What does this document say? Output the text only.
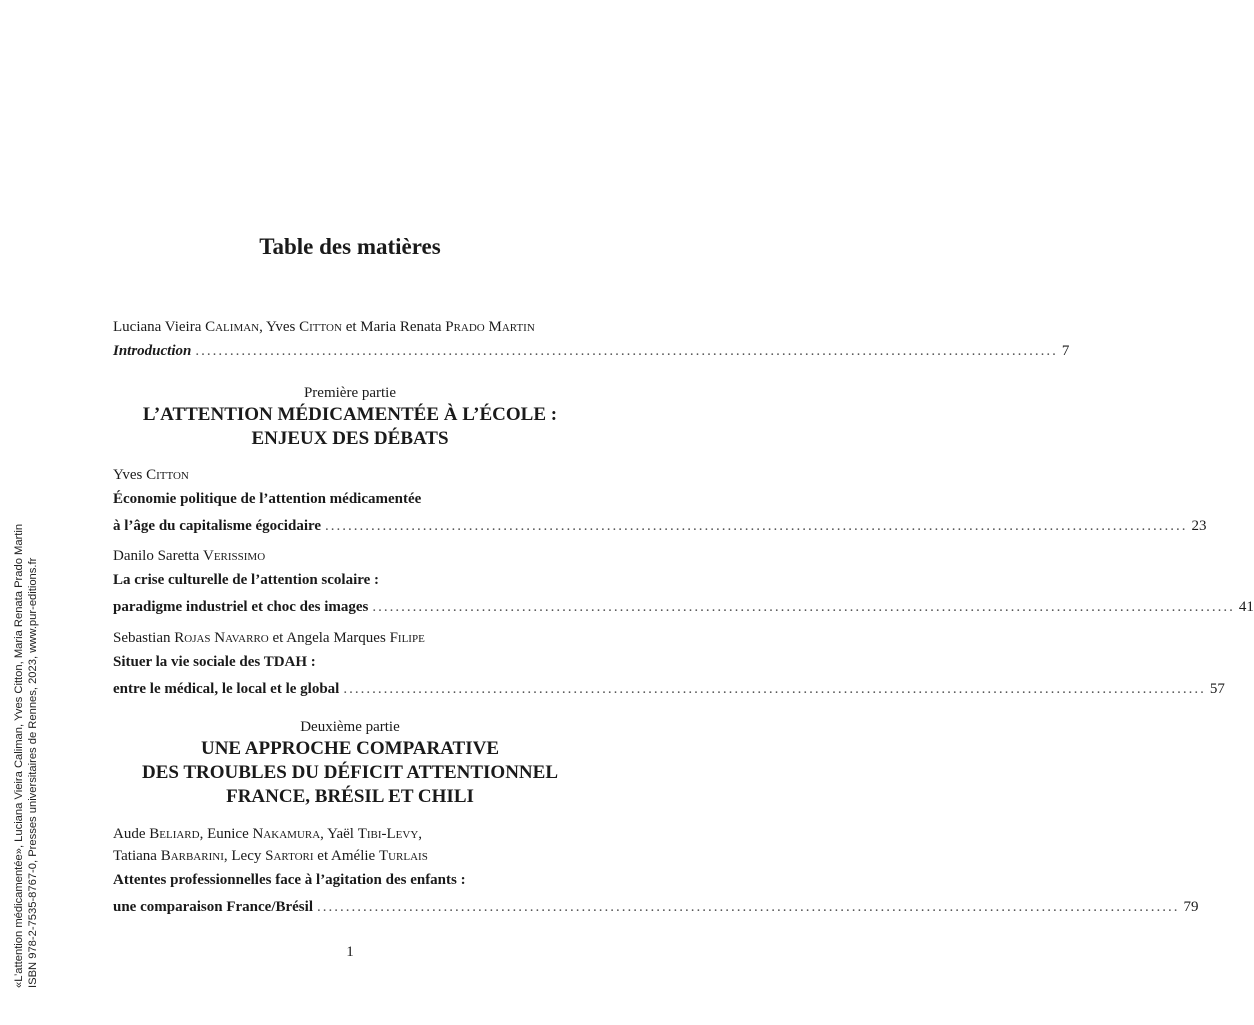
Table des matières
Luciana Vieira Caliman, Yves Citton et Maria Renata Prado Martin
Introduction ...................................................................................................................................................... 7
Première partie
L’ATTENTION MÉDICAMENTÉE À L’ÉCOLE :
ENJEUX DES DÉBATS
Yves Citton
Économie politique de l’attention médicamentée
à l’âge du capitalisme égocidaire ...................................................................................................................................................... 23
Danilo Saretta Verissimo
La crise culturelle de l’attention scolaire :
paradigme industriel et choc des images ...................................................................................................................................................... 41
Sebastian Rojas Navarro et Angela Marques Filipe
Situer la vie sociale des TDAH :
entre le médical, le local et le global ...................................................................................................................................................... 57
Deuxième partie
UNE APPROCHE COMPARATIVE
DES TROUBLES DU DÉFICIT ATTENTIONNEL
FRANCE, BRÉSIL ET CHILI
Aude Beliard, Eunice Nakamura, Yaël Tibi-Levy,
Tatiana Barbarini, Lecy Sartori et Amélie Turlais
Attentes professionnelles face à l’agitation des enfants :
une comparaison France/Brésil ...................................................................................................................................................... 79
1
«L’attention médicamentée», Luciana Vieira Caliman, Yves Citton, Maria Renata Prado Martin ISBN 978-2-7535-8767-0, Presses universitaires de Rennes, 2023, www.pur-editions.fr
